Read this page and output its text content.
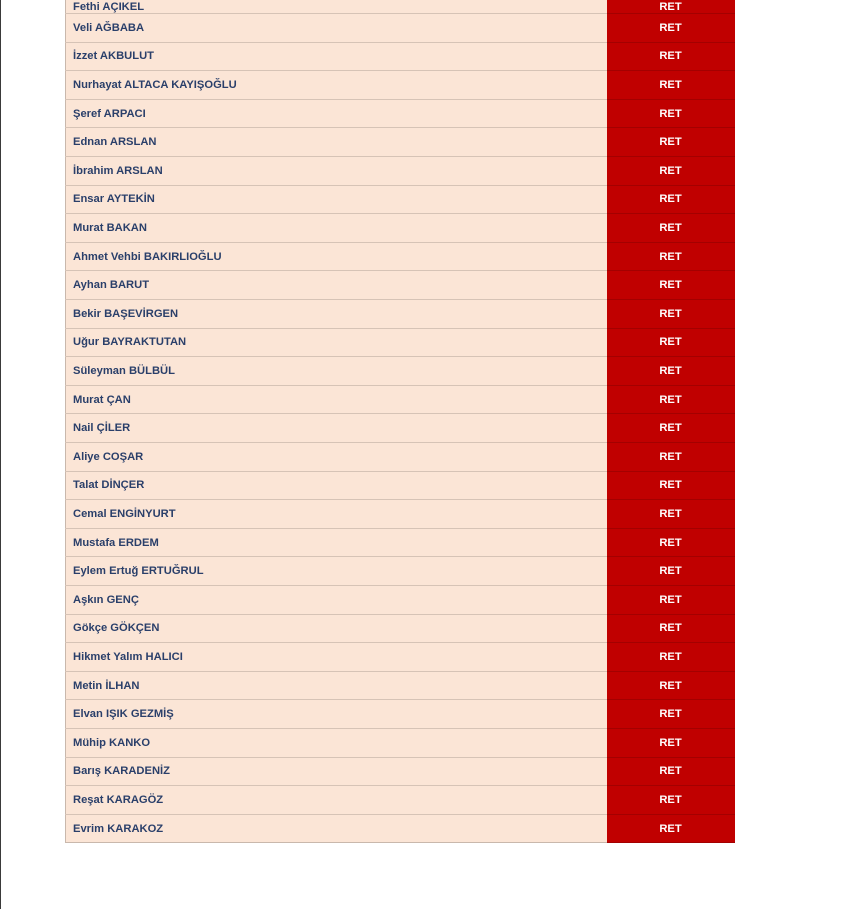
Fethi AÇIKEL	RET
Veli AĞBABA	RET
İzzet AKBULUT	RET
Nurhayat ALTACA KAYIŞOĞLU	RET
Şeref ARPACI	RET
Ednan ARSLAN	RET
İbrahim ARSLAN	RET
Ensar AYTEKİN	RET
Murat BAKAN	RET
Ahmet Vehbi BAKIRLIOĞLU	RET
Ayhan BARUT	RET
Bekir BAŞEVİRGEN	RET
Uğur BAYRAKTUTAN	RET
Süleyman BÜLBÜL	RET
Murat ÇAN	RET
Nail ÇİLER	RET
Aliye COŞAR	RET
Talat DİNÇER	RET
Cemal ENGİNYURT	RET
Mustafa ERDEM	RET
Eylem Ertuğ ERTUĞRUL	RET
Aşkın GENÇ	RET
Gökçe GÖKÇEN	RET
Hikmet Yalım HALICI	RET
Metin İLHAN	RET
Elvan IŞIK GEZMİŞ	RET
Mühip KANKO	RET
Barış KARADENİZ	RET
Reşat KARAGÖZ	RET
Evrim KARAKOZ	RET
